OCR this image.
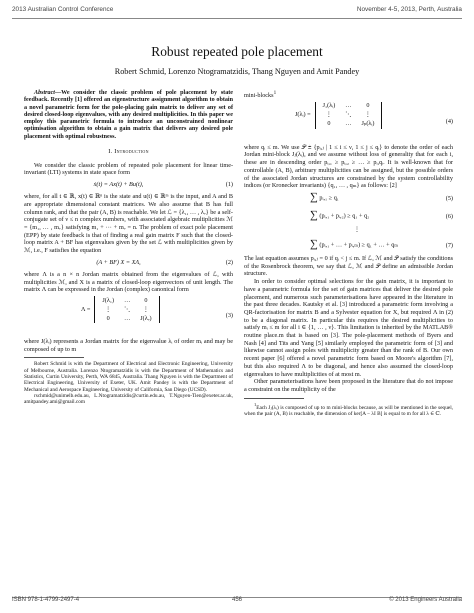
2013 Australian Control Conference	November 4-5, 2013, Perth, Australia
Robust repeated pole placement
Robert Schmid, Lorenzo Ntogramatzidis, Thang Nguyen and Amit Pandey

Abstract—We consider the classic problem of pole placement by state feedback. Recently [1] offered an eigenstructure assignment algorithm to obtain a novel parametric form for the pole-placing gain matrix to deliver any set of desired closed-loop eigenvalues, with any desired multiplicities. In this paper we employ this parametric formula to introduce an unconstrained nonlinear optimisation algorithm to obtain a gain matrix that delivers any desired pole placement with optimal robustness.

I. Introduction

We consider the classic problem of repeated pole placement for linear time-invariant (LTI) systems in state space form

ẋ(t) = Ax(t) + Bu(t),	(1)

where, for all t ∈ ℝ, x(t) ∈ ℝⁿ is the state and u(t) ∈ ℝᵐ is the input, and A and B are appropriate dimensional constant matrices. We also assume that B has full column rank, and that the pair (A, B) is reachable. We let ℒ = {λ₁, … , λᵥ} be a self-conjugate set of ν ≤ n complex numbers, with associated algebraic multiplicities ℳ = {m₁, … , mᵥ} satisfying m₁ + ··· + mᵥ = n. The problem of exact pole placement (EPP) by state feedback is that of finding a real gain matrix F such that the closed-loop matrix A + BF has eigenvalues given by the set ℒ with multiplicities given by ℳ, i.e., F satisfies the equation

(A + BF) X = XΛ,	(2)

where Λ is a n × n Jordan matrix obtained from the eigenvalues of ℒ, with multiplicities ℳ, and X is a matrix of closed-loop eigenvectors of unit length. The matrix Λ can be expressed in the Jordan (complex) canonical form

Λ =		J(λ₁)	…	0	
		⋮	⋱	⋮	
		0	…	J(λᵥ)		(3)

where J(λᵢ) represents a Jordan matrix for the eigenvalue λᵢ of order mᵢ and may be composed of up to m

Robert Schmid is with the Department of Electrical and Electronic Engineering, University of Melbourne, Australia. Lorenzo Ntogramatzidis is with the Department of Mathematics and Statistics, Curtin University, Perth, WA 6845, Australia. Thang Nguyen is with the Department of Electrical Engineering, University of Exeter, UK. Amit Pandey is with the Department of Mechanical and Aerospace Engineering, University of California, San Diego (UCSD).

rschmid@unimelb.edu.au, L.Ntogramatzidis@curtin.edu.au, T.Nguyen-Tien@exeter.ac.uk, amitpandey.ami@gmail.com

mini-blocks$^1$

J(λᵢ) =		J₁(λᵢ)	…	0	
		⋮	⋱	⋮	
		0	…	Jₚ(λᵢ)		(4)

where qᵢ ≤ m. We use 𝒫 ≜ {pᵢ,ⱼ | 1 ≤ i ≤ ν, 1 ≤ j ≤ qᵢ} to denote the order of each Jordan mini-block Jⱼ(λᵢ), and we assume without loss of generality that for each i, these are in descending order pᵢ,₁ ≥ pᵢ,₂ ≥ … ≥ pᵢ,qᵢ. It is well-known that for controllable (A, B), arbitrary multiplicities can be assigned, but the possible orders of the associated Jordan structures are constrained by the system controllability indices (or Kronecker invariants) {q₁, … , qₘ} as follows: [2]

∑ pᵢ,₁ ≥ q₁	(5)
∑ (pᵢ,₁ + pᵢ,₂) ≥ q₁ + q₂	(6)
⋮
∑ (pᵢ,₁ + … + pᵢ,ₘ) ≥ q₁ + … + qₘ	(7)

The last equation assumes pᵢ,ⱼ = 0 if qᵢ < j ≤ m. If ℒ, ℳ and 𝒫 satisfy the conditions of the Rosenbrock theorem, we say that ℒ, ℳ and 𝒫 define an admissible Jordan structure.

In order to consider optimal selections for the gain matrix, it is important to have a parametric formula for the set of gain matrices that deliver the desired pole placement, and numerous such parameterisations have appeared in the literature in the past three decades. Kautsky et al. [3] introduced a parametric form involving a QR-factorisation for matrix B and a Sylvester equation for X, but required Λ in (2) to be a diagonal matrix. In particular this requires the desired multiplicities to satisfy mᵢ ≤ m for all i ∈ {1, … , ν}. This limitation is inherited by the MATLAB® routine place.m that is based on [3]. The pole-placement methods of Byers and Nash [4] and Tits and Yang [5] similarly employed the parametric form of [3] and likewise cannot assign poles with multiplicity greater than the rank of B. Our own recent paper [6] offered a novel parametric form based on Moore's algorithm [7], but this also required Λ to be diagonal, and hence also assumed the closed-loop eigenvalues to have multiplicities of at most m.

Other parameterisations have been proposed in the literature that do not impose a constraint on the multiplicity of the

$^1$Each Jⱼ(λᵢ) is composed of up to m mini-blocks because, as will be mentioned in the sequel, when the pair (A, B) is reachable, the dimension of ker[A − λI B] is equal to m for all λ ∈ ℂ.

ISBN 978-1-4799-2497-4	456	© 2013 Engineers Australia
